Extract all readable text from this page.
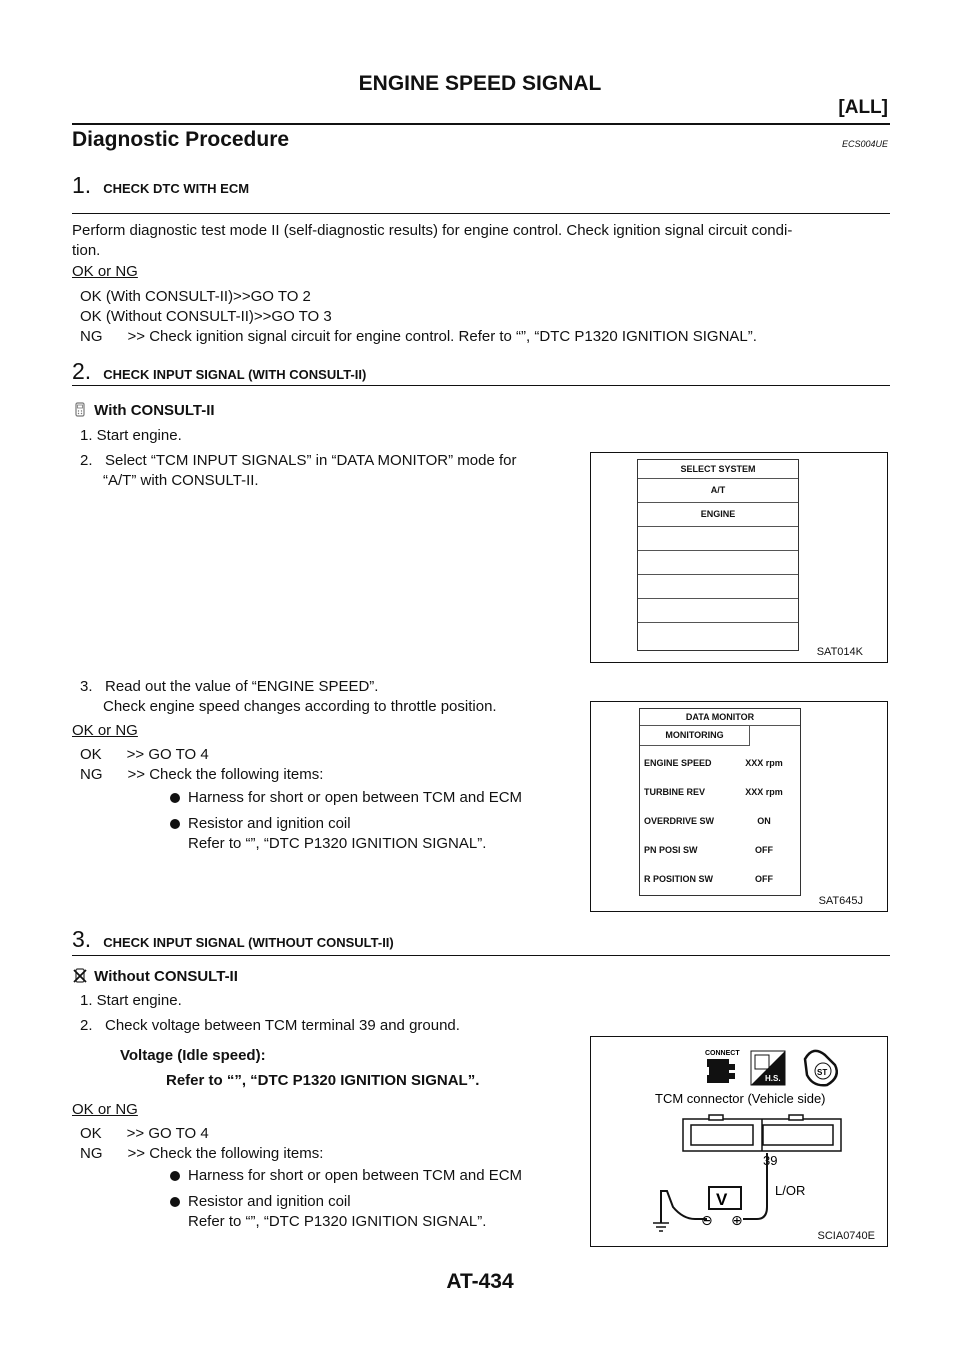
ENGINE SPEED SIGNAL
[ALL]
Diagnostic Procedure	ECS004UE
1. CHECK DTC WITH ECM
Perform diagnostic test mode II (self-diagnostic results) for engine control. Check ignition signal circuit condi-
tion.
OK or NG
OK (With CONSULT-II)>>GO TO 2
OK (Without CONSULT-II)>>GO TO 3
NG      >> Check ignition signal circuit for engine control. Refer to “”, “DTC P1320 IGNITION SIGNAL”.
2. CHECK INPUT SIGNAL (WITH CONSULT-II)
With CONSULT-II
1. Start engine.
2.   Select “TCM INPUT SIGNALS” in “DATA MONITOR” mode for
“A/T” with CONSULT-II.
3.   Read out the value of “ENGINE SPEED”.
Check engine speed changes according to throttle position.
OK or NG
OK      >> GO TO 4
NG      >> Check the following items:
Harness for short or open between TCM and ECM
Resistor and ignition coil
Refer to “”, “DTC P1320 IGNITION SIGNAL”.
SELECT SYSTEM
A/T
ENGINE
SAT014K
DATA MONITOR
MONITORING
ENGINE SPEED	XXX rpm
TURBINE REV	XXX rpm
OVERDRIVE SW	ON
PN POSI SW	OFF
R POSITION SW	OFF
SAT645J
3. CHECK INPUT SIGNAL (WITHOUT CONSULT-II)
Without CONSULT-II
1. Start engine.
2.   Check voltage between TCM terminal 39 and ground.
Voltage (Idle speed):
Refer to “”, “DTC P1320 IGNITION SIGNAL”.
OK or NG
OK      >> GO TO 4
NG      >> Check the following items:
Harness for short or open between TCM and ECM
Resistor and ignition coil
Refer to “”, “DTC P1320 IGNITION SIGNAL”.
CONNECT
H.S.
ST
TCM connector (Vehicle side)
39
L/OR
V
⊖ ⊕
SCIA0740E
AT-434
